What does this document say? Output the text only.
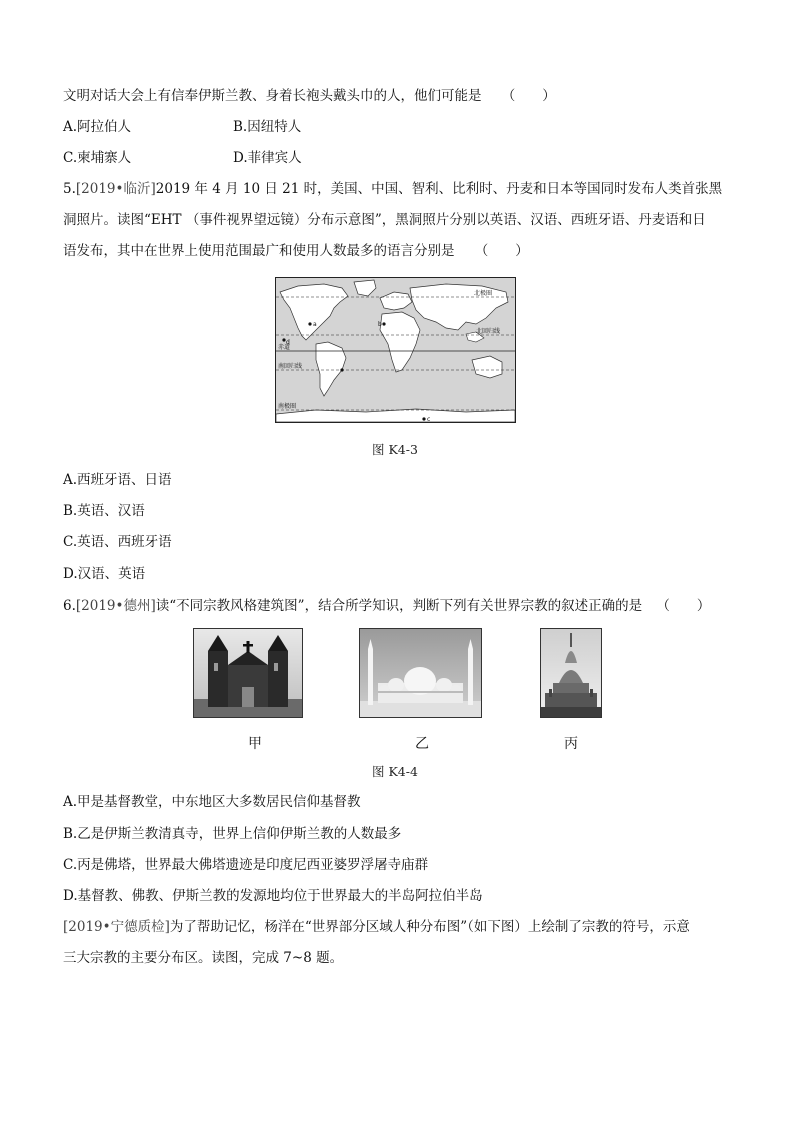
文明对话大会上有信奉伊斯兰教、身着长袍头戴头巾的人，他们可能是 （　　）
A.阿拉伯人	B.因纽特人
C.柬埔寨人	D.菲律宾人
5.[2019•临沂]2019 年 4 月 10 日 21 时，美国、中国、智利、比利时、丹麦和日本等国同时发布人类首张黑
洞照片。读图“EHT （事件视界望远镜）分布示意图”，黑洞照片分别以英语、汉语、西班牙语、丹麦语和日
语发布，其中在世界上使用范围最广和使用人数最多的语言分别是 （　　）
北极圈
北回归线
赤道
南回归线
南极圈
a	b
d
c
图 K4-3
A.西班牙语、日语
B.英语、汉语
C.英语、西班牙语
D.汉语、英语
6.[2019•德州]读“不同宗教风格建筑图”，结合所学知识，判断下列有关世界宗教的叙述正确的是 （　　）
甲	乙	丙
图 K4-4
A.甲是基督教堂，中东地区大多数居民信仰基督教
B.乙是伊斯兰教清真寺，世界上信仰伊斯兰教的人数最多
C.丙是佛塔，世界最大佛塔遗迹是印度尼西亚婆罗浮屠寺庙群
D.基督教、佛教、伊斯兰教的发源地均位于世界最大的半岛阿拉伯半岛
[2019•宁德质检]为了帮助记忆，杨洋在“世界部分区域人种分布图”（如下图）上绘制了宗教的符号，示意
三大宗教的主要分布区。读图，完成 7~8 题。
